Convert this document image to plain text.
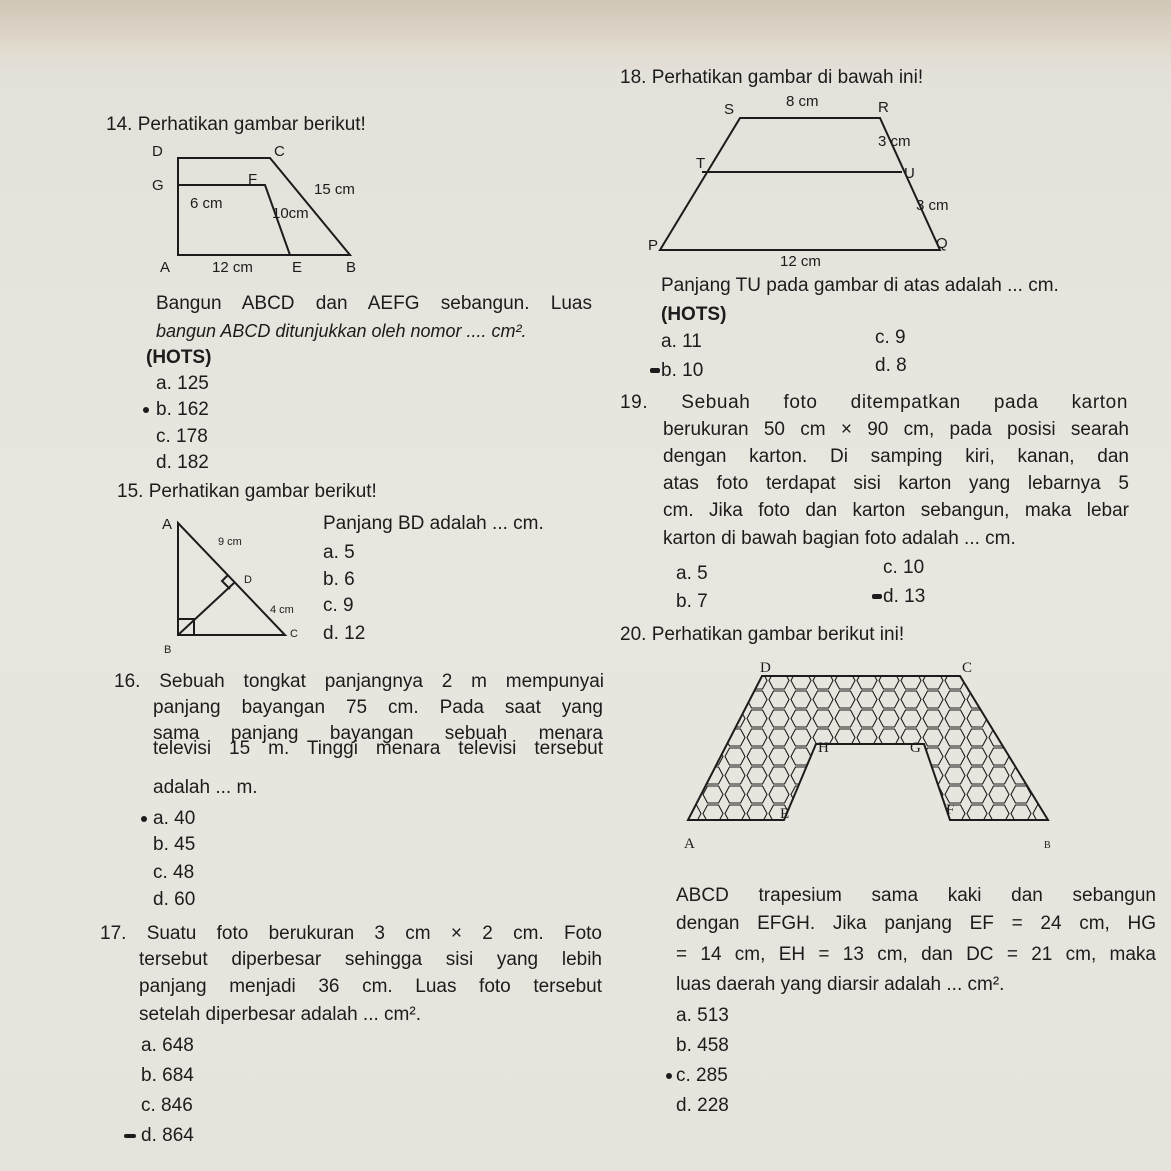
14. Perhatikan gambar berikut!
D	C
G	F
6 cm
10cm
15 cm
A	12 cm	E	B
Bangun ABCD dan AEFG sebangun. Luas
bangun ABCD ditunjukkan oleh nomor .... cm².
(HOTS)
a. 125
b. 162
c. 178
d. 182
15. Perhatikan gambar berikut!
A
9 cm
D
4 cm
C
B
Panjang BD adalah ... cm.
a. 5
b. 6
c. 9
d. 12
16. Sebuah tongkat panjangnya 2 m mempunyai
panjang bayangan 75 cm. Pada saat yang
sama panjang bayangan sebuah menara
televisi 15 m. Tinggi menara televisi tersebut
adalah ... m.
a. 40
b. 45
c. 48
d. 60
17. Suatu foto berukuran 3 cm × 2 cm. Foto
tersebut diperbesar sehingga sisi yang lebih
panjang menjadi 36 cm. Luas foto tersebut
setelah diperbesar adalah ... cm².
a. 648
b. 684
c. 846
d. 864
18. Perhatikan gambar di bawah ini!
S	8 cm	R
3 cm
T
U
3 cm
Q
P
12 cm
Panjang TU pada gambar di atas adalah ... cm.
(HOTS)
a. 11
b. 10
c. 9
d. 8
19. Sebuah foto ditempatkan pada karton
berukuran 50 cm × 90 cm, pada posisi searah
dengan karton. Di samping kiri, kanan, dan
atas foto terdapat sisi karton yang lebarnya 5
cm. Jika foto dan karton sebangun, maka lebar
karton di bawah bagian foto adalah ... cm.
a. 5
b. 7
c. 10
d. 13
20. Perhatikan gambar berikut ini!
D	C
H	G
E	F
A	B
ABCD trapesium sama kaki dan sebangun
dengan EFGH. Jika panjang EF = 24 cm, HG
= 14 cm, EH = 13 cm, dan DC = 21 cm, maka
luas daerah yang diarsir adalah ... cm².
a. 513
b. 458
c. 285
d. 228
